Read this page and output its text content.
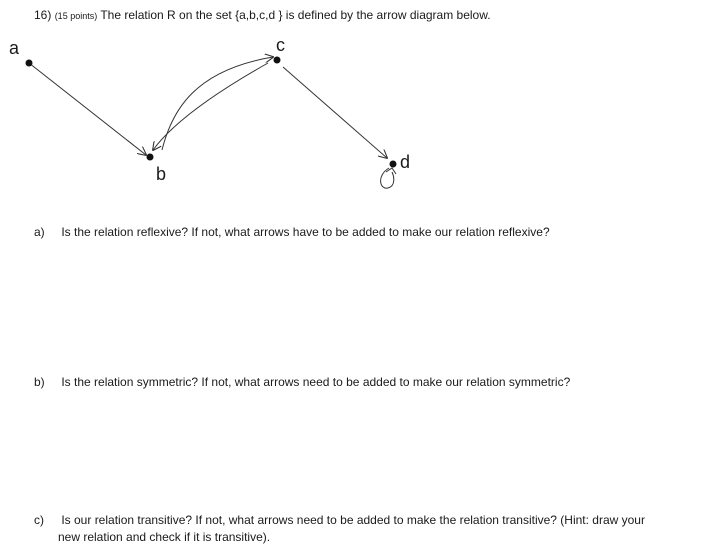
16) (15 points) The relation R on the set {a,b,c,d } is defined by the arrow diagram below.
a
b
c
d
a) Is the relation reflexive? If not, what arrows have to be added to make our relation reflexive?
b) Is the relation symmetric? If not, what arrows need to be added to make our relation symmetric?
c) Is our relation transitive? If not, what arrows need to be added to make the relation transitive? (Hint: draw your
new relation and check if it is transitive).
